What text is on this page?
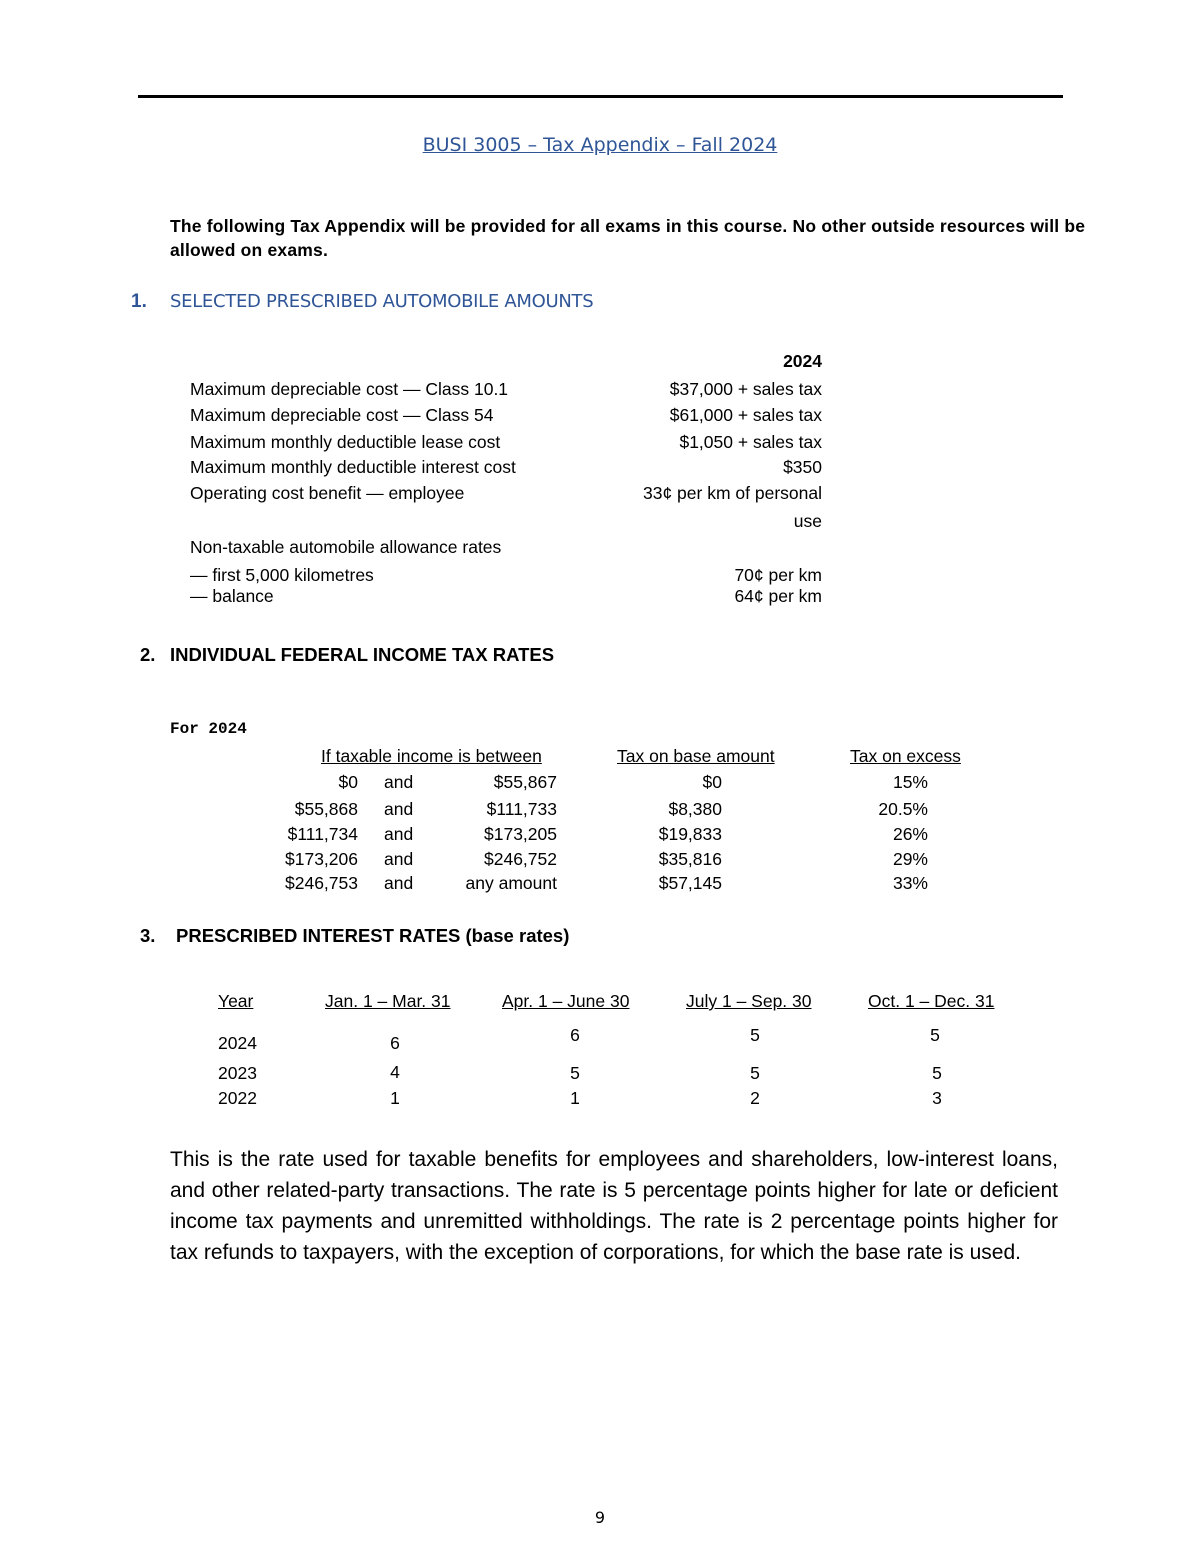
BUSI 3005 – Tax Appendix – Fall 2024
The following Tax Appendix will be provided for all exams in this course. No other outside resources will be allowed on exams.
1. SELECTED PRESCRIBED AUTOMOBILE AMOUNTS
2024
Maximum depreciable cost — Class 10.1	$37,000 + sales tax
Maximum depreciable cost — Class 54	$61,000 + sales tax
Maximum monthly deductible lease cost	$1,050 + sales tax
Maximum monthly deductible interest cost	$350
Operating cost benefit — employee	33¢ per km of personal
use
Non-taxable automobile allowance rates
— first 5,000 kilometres	70¢ per km
— balance	64¢ per km
2. INDIVIDUAL FEDERAL INCOME TAX RATES
For 2024
If taxable income is between	Tax on base amount	Tax on excess
$0 and	$55,867	$0	15%
$55,868 and	$111,733	$8,380	20.5%
$111,734 and	$173,205	$19,833	26%
$173,206 and	$246,752	$35,816	29%
$246,753 and	any amount	$57,145	33%
3. PRESCRIBED INTEREST RATES (base rates)
Year	Jan. 1 – Mar. 31	Apr. 1 – June 30	July 1 – Sep. 30	Oct. 1 – Dec. 31
2024	6	6	5	5
2023	4	5	5	5
2022	1	1	2	3
This is the rate used for taxable benefits for employees and shareholders, low-interest loans, and other related-party transactions. The rate is 5 percentage points higher for late or deficient income tax payments and unremitted withholdings. The rate is 2 percentage points higher for tax refunds to taxpayers, with the exception of corporations, for which the base rate is used.
9
